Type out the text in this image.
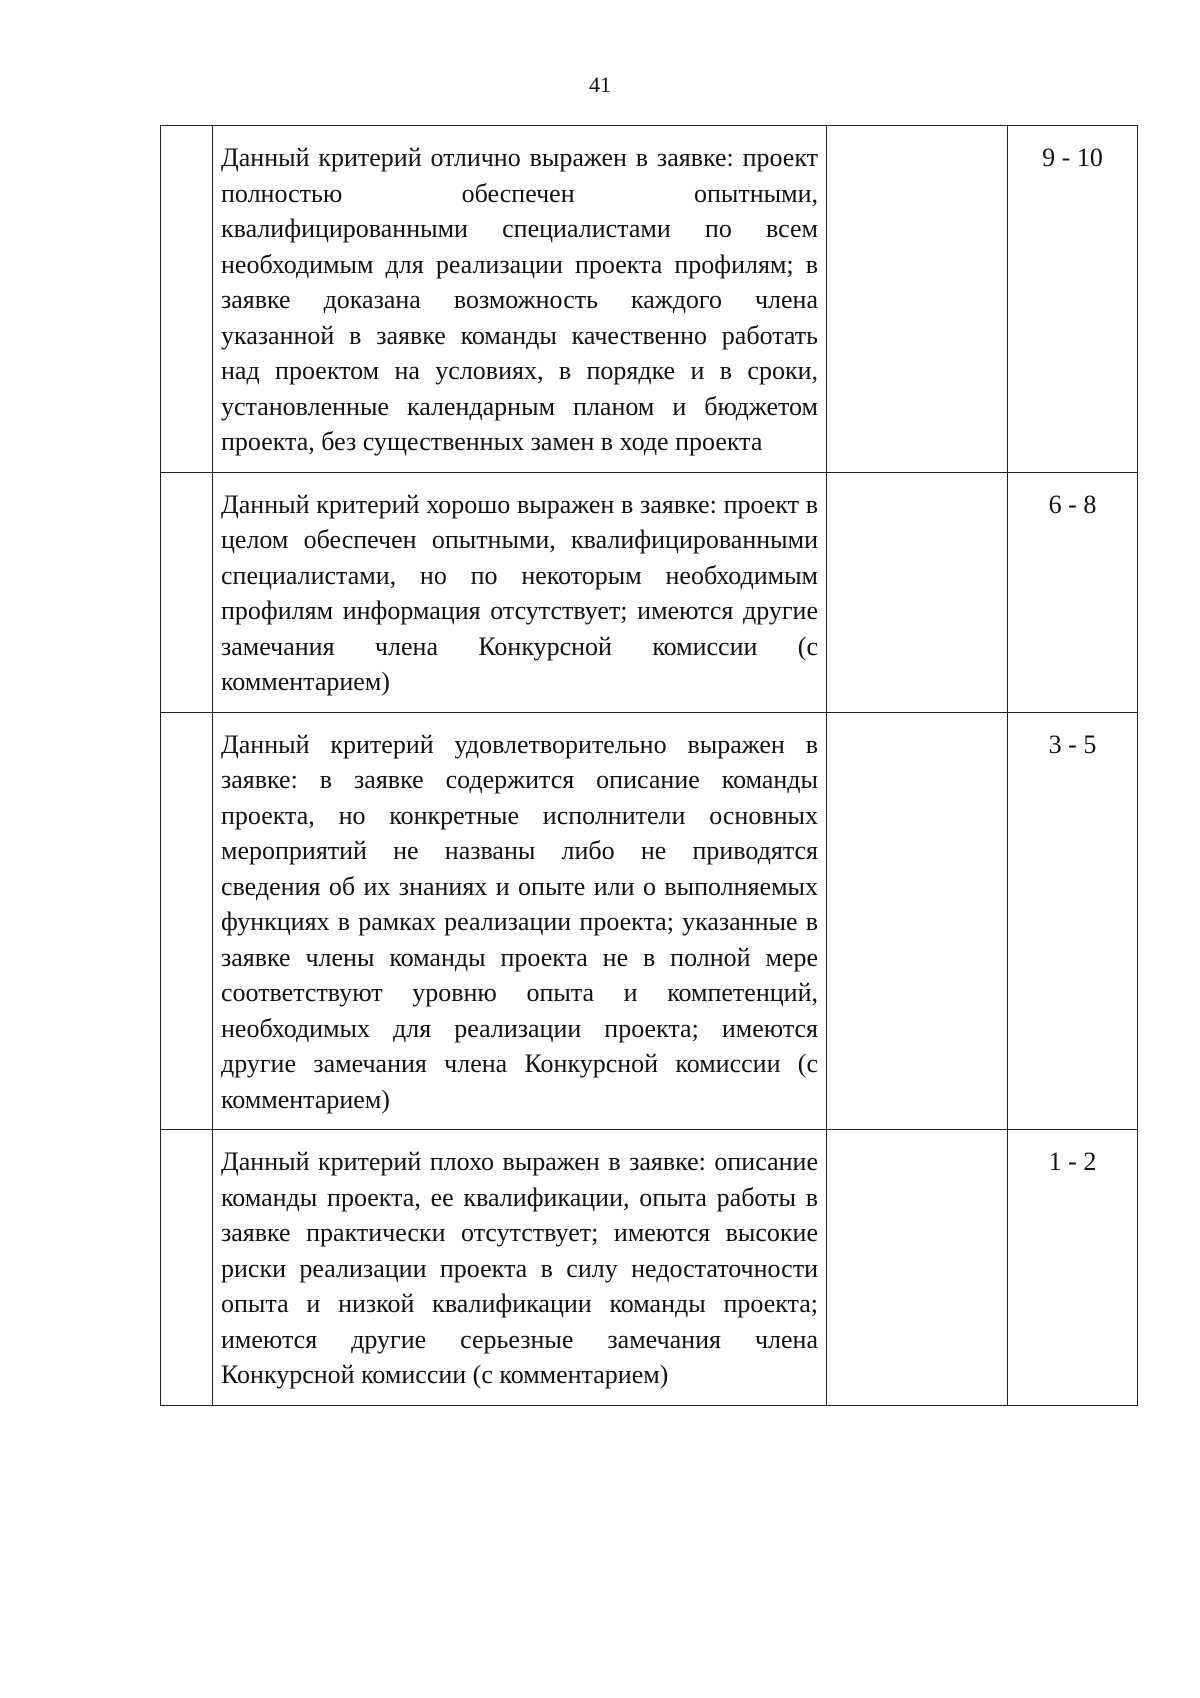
41

	Данный критерий отлично выражен в заявке: проект полностью обеспечен опытными, квалифицированными специалистами по всем необходимым для реализации проекта профилям; в заявке доказана возможность каждого члена указанной в заявке команды качественно работать над проектом на условиях, в порядке и в сроки, установленные календарным планом и бюджетом проекта, без существенных замен в ходе проекта		9 - 10

	Данный критерий хорошо выражен в заявке: проект в целом обеспечен опытными, квалифицированными специалистами, но по некоторым необходимым профилям информация отсутствует; имеются другие замечания члена Конкурсной комиссии (с комментарием)		6 - 8

	Данный критерий удовлетворительно выражен в заявке: в заявке содержится описание команды проекта, но конкретные исполнители основных мероприятий не названы либо не приводятся сведения об их знаниях и опыте или о выполняемых функциях в рамках реализации проекта; указанные в заявке члены команды проекта не в полной мере соответствуют уровню опыта и компетенций, необходимых для реализации проекта; имеются другие замечания члена Конкурсной комиссии (с комментарием)		3 - 5

	Данный критерий плохо выражен в заявке: описание команды проекта, ее квалификации, опыта работы в заявке практически отсутствует; имеются высокие риски реализации проекта в силу недостаточности опыта и низкой квалификации команды проекта; имеются другие серьезные замечания члена Конкурсной комиссии (с комментарием)		1 - 2
